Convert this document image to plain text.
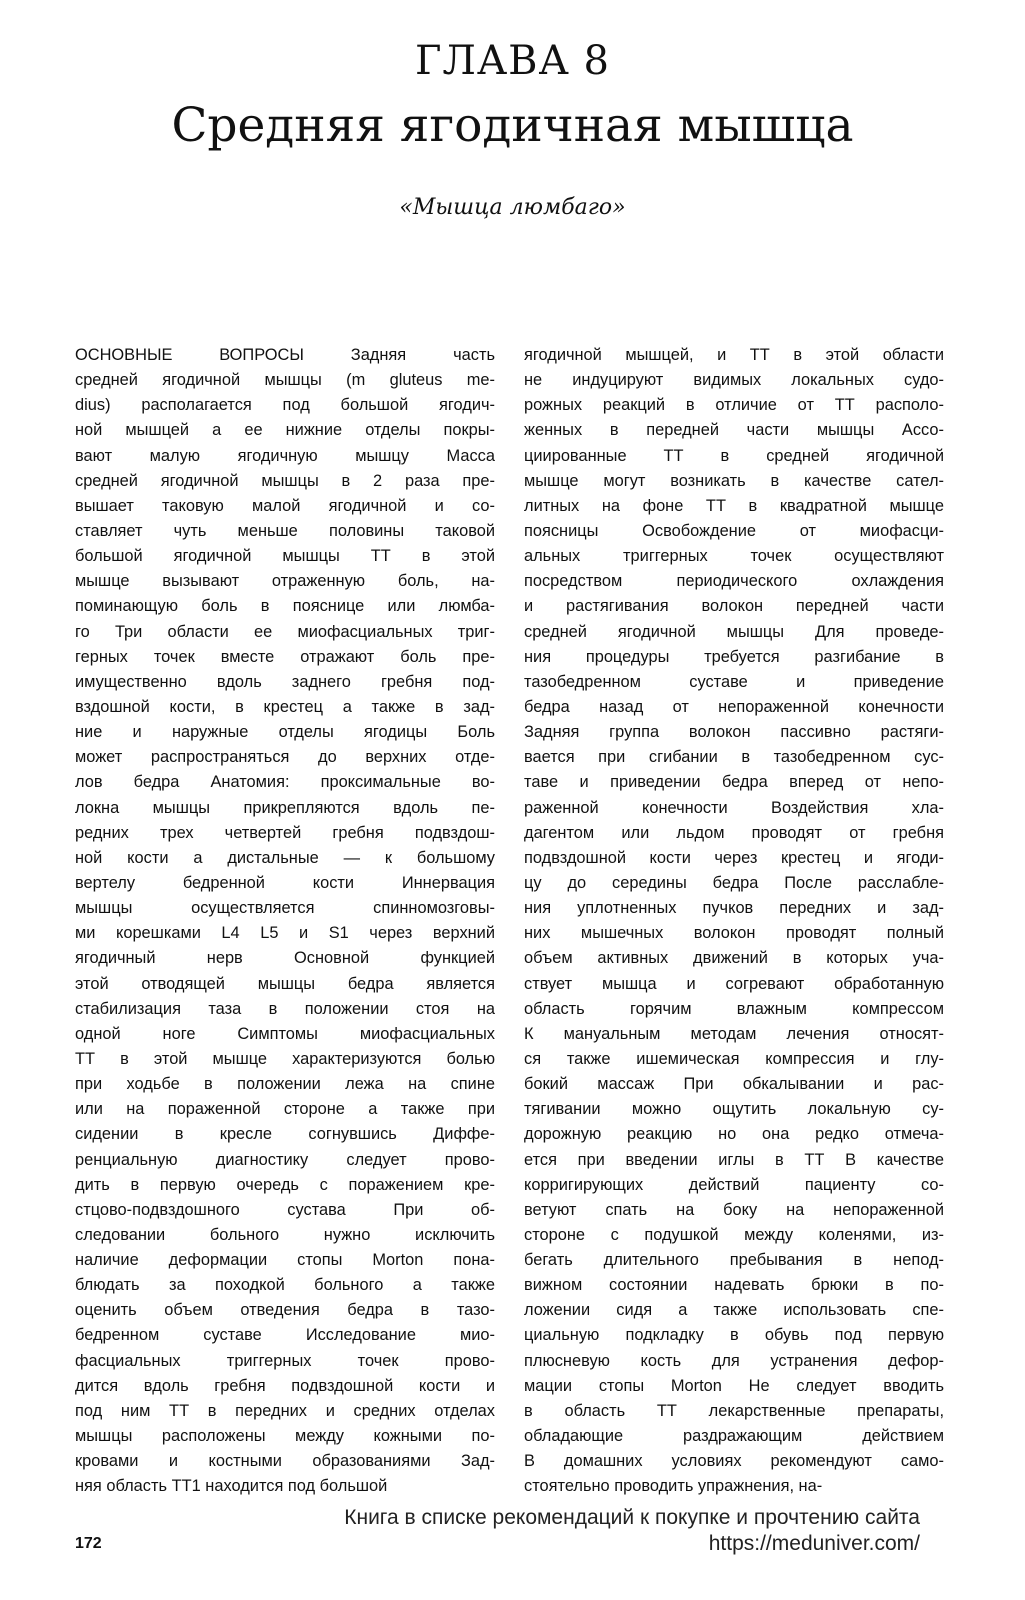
ГЛАВА 8
Средняя ягодичная мышца
«Мышца люмбаго»
ОСНОВНЫЕ ВОПРОСЫ Задняя часть
средней ягодичной мышцы (m gluteus me-
dius) располагается под большой ягодич-
ной мышцей а ее нижние отделы покры-
вают малую ягодичную мышцу Масса
средней ягодичной мышцы в 2 раза пре-
вышает таковую малой ягодичной и со-
ставляет чуть меньше половины таковой
большой ягодичной мышцы ТТ в этой
мышце вызывают отраженную боль, на-
поминающую боль в пояснице или люмба-
го Три области ее миофасциальных триг-
герных точек вместе отражают боль пре-
имущественно вдоль заднего гребня под-
вздошной кости, в крестец а также в зад-
ние и наружные отделы ягодицы Боль
может распространяться до верхних отде-
лов бедра Анатомия: проксимальные во-
локна мышцы прикрепляются вдоль пе-
редних трех четвертей гребня подвздош-
ной кости а дистальные — к большому
вертелу бедренной кости Иннервация
мышцы осуществляется спинномозговы-
ми корешками L4 L5 и S1 через верхний
ягодичный нерв Основной функцией
этой отводящей мышцы бедра является
стабилизация таза в положении стоя на
одной ноге Симптомы миофасциальных
ТТ в этой мышце характеризуются болью
при ходьбе в положении лежа на спине
или на пораженной стороне а также при
сидении в кресле согнувшись Диффе-
ренциальную диагностику следует прово-
дить в первую очередь с поражением кре-
стцово-подвздошного сустава При об-
следовании больного нужно исключить
наличие деформации стопы Morton пона-
блюдать за походкой больного а также
оценить объем отведения бедра в тазо-
бедренном суставе Исследование мио-
фасциальных триггерных точек прово-
дится вдоль гребня подвздошной кости и
под ним ТТ в передних и средних отделах
мышцы расположены между кожными по-
кровами и костными образованиями Зад-
няя область ТТ1 находится под большой
ягодичной мышцей, и ТТ в этой области
не индуцируют видимых локальных судо-
рожных реакций в отличие от ТТ располо-
женных в передней части мышцы Ассо-
циированные ТТ в средней ягодичной
мышце могут возникать в качестве сател-
литных на фоне ТТ в квадратной мышце
поясницы Освобождение от миофасци-
альных триггерных точек осуществляют
посредством периодического охлаждения
и растягивания волокон передней части
средней ягодичной мышцы Для проведе-
ния процедуры требуется разгибание в
тазобедренном суставе и приведение
бедра назад от непораженной конечности
Задняя группа волокон пассивно растяги-
вается при сгибании в тазобедренном сус-
таве и приведении бедра вперед от непо-
раженной конечности Воздействия хла-
дагентом или льдом проводят от гребня
подвздошной кости через крестец и ягоди-
цу до середины бедра После расслабле-
ния уплотненных пучков передних и зад-
них мышечных волокон проводят полный
объем активных движений в которых уча-
ствует мышца и согревают обработанную
область горячим влажным компрессом
К мануальным методам лечения относят-
ся также ишемическая компрессия и глу-
бокий массаж При обкалывании и рас-
тягивании можно ощутить локальную су-
дорожную реакцию но она редко отмеча-
ется при введении иглы в ТТ В качестве
корригирующих действий пациенту со-
ветуют спать на боку на непораженной
стороне с подушкой между коленями, из-
бегать длительного пребывания в непод-
вижном состоянии надевать брюки в по-
ложении сидя а также использовать спе-
циальную подкладку в обувь под первую
плюсневую кость для устранения дефор-
мации стопы Morton Не следует вводить
в область ТТ лекарственные препараты,
обладающие раздражающим действием
В домашних условиях рекомендуют само-
стоятельно проводить упражнения, на-
Книга в списке рекомендаций к покупке и прочтению сайта https://meduniver.com/
172
